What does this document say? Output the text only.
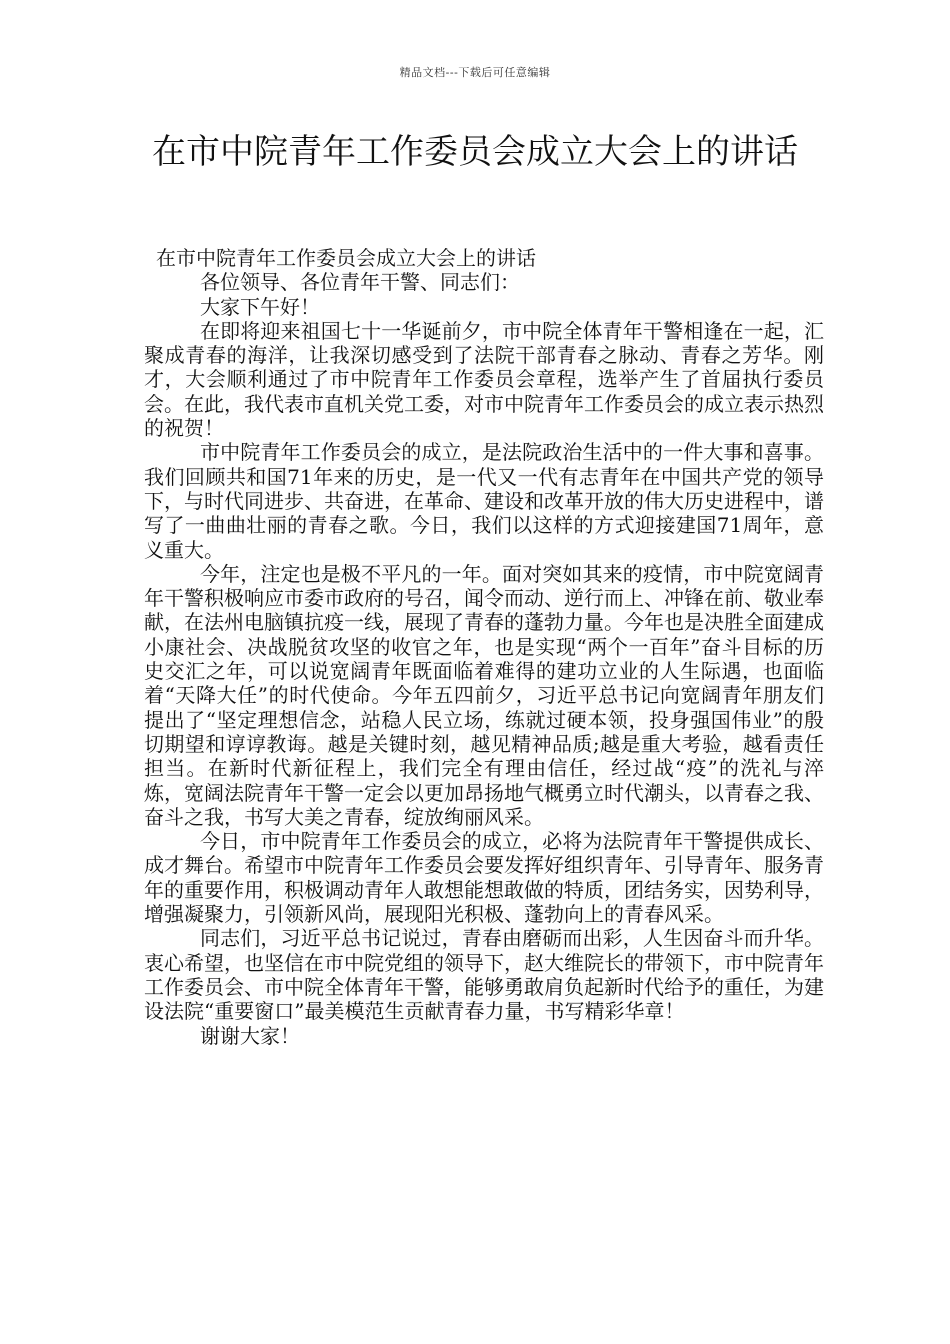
精品文档---下载后可任意编辑
在市中院青年工作委员会成立大会上的讲话

在市中院青年工作委员会成立大会上的讲话

各位领导、各位青年干警、同志们：

大家下午好！

在即将迎来祖国七十一华诞前夕，市中院全体青年干警相逢在一起，汇聚成青春的海洋，让我深切感受到了法院干部青春之脉动、青春之芳华。刚才，大会顺利通过了市中院青年工作委员会章程，选举产生了首届执行委员会。在此，我代表市直机关党工委，对市中院青年工作委员会的成立表示热烈的祝贺！

市中院青年工作委员会的成立，是法院政治生活中的一件大事和喜事。我们回顾共和国71年来的历史，是一代又一代有志青年在中国共产党的领导下，与时代同进步、共奋进，在革命、建设和改革开放的伟大历史进程中，谱写了一曲曲壮丽的青春之歌。今日，我们以这样的方式迎接建国71周年，意义重大。

今年，注定也是极不平凡的一年。面对突如其来的疫情，市中院宽阔青年干警积极响应市委市政府的号召，闻令而动、逆行而上、冲锋在前、敬业奉献，在法州电脑镇抗疫一线，展现了青春的蓬勃力量。今年也是决胜全面建成小康社会、决战脱贫攻坚的收官之年，也是实现“两个一百年”奋斗目标的历史交汇之年，可以说宽阔青年既面临着难得的建功立业的人生际遇，也面临着“天降大任”的时代使命。今年五四前夕，习近平总书记向宽阔青年朋友们提出了“坚定理想信念，站稳人民立场，练就过硬本领，投身强国伟业”的殷切期望和谆谆教诲。越是关键时刻，越见精神品质;越是重大考验，越看责任担当。在新时代新征程上，我们完全有理由信任，经过战“疫”的洗礼与淬炼，宽阔法院青年干警一定会以更加昂扬地气概勇立时代潮头，以青春之我、奋斗之我，书写大美之青春，绽放绚丽风采。

今日，市中院青年工作委员会的成立，必将为法院青年干警提供成长、成才舞台。希望市中院青年工作委员会要发挥好组织青年、引导青年、服务青年的重要作用，积极调动青年人敢想能想敢做的特质，团结务实，因势利导，增强凝聚力，引领新风尚，展现阳光积极、蓬勃向上的青春风采。

同志们，习近平总书记说过，青春由磨砺而出彩，人生因奋斗而升华。衷心希望，也坚信在市中院党组的领导下，赵大维院长的带领下，市中院青年工作委员会、市中院全体青年干警，能够勇敢肩负起新时代给予的重任，为建设法院“重要窗口”最美模范生贡献青春力量，书写精彩华章！

谢谢大家！
